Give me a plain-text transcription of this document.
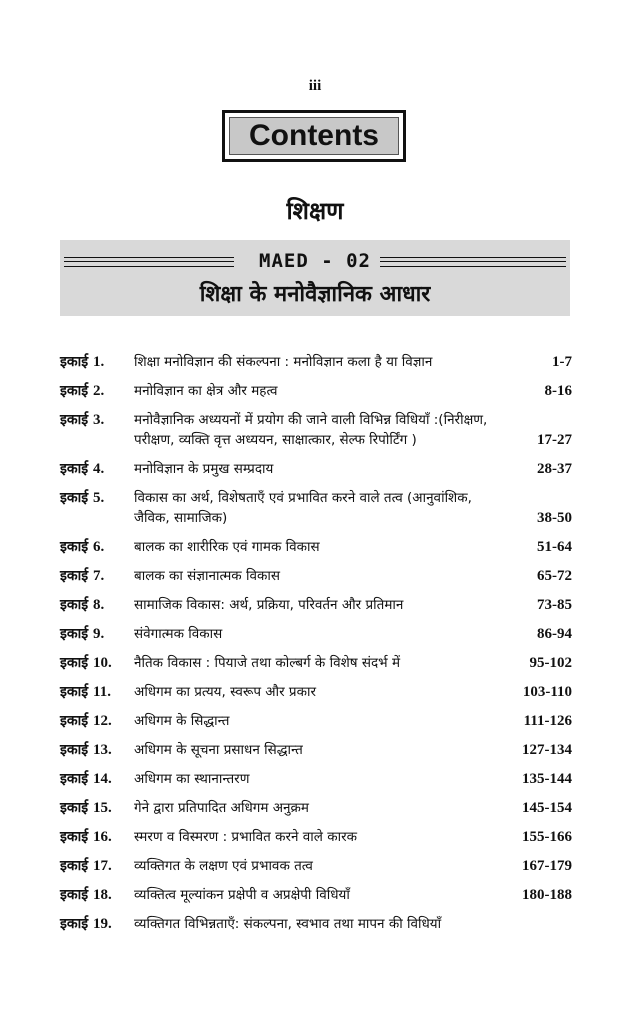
iii
Contents
शिक्षण
MAED - 02
शिक्षा के मनोवैज्ञानिक आधार
इकाई 1.	शिक्षा मनोविज्ञान की संकल्पना : मनोविज्ञान कला है या विज्ञान	1-7
इकाई 2.	मनोविज्ञान का क्षेत्र और महत्व	8-16
इकाई 3.	मनोवैज्ञानिक अध्ययनों में प्रयोग की जाने वाली विभिन्न विधियाँ :(निरीक्षण, परीक्षण, व्यक्ति वृत्त अध्ययन, साक्षात्कार, सेल्फ रिपोर्टिंग )	17-27
इकाई 4.	मनोविज्ञान के प्रमुख सम्प्रदाय	28-37
इकाई 5.	विकास का अर्थ, विशेषताएँ एवं प्रभावित करने वाले तत्व (आनुवांशिक, जैविक, सामाजिक)	38-50
इकाई 6.	बालक का शारीरिक एवं गामक विकास	51-64
इकाई 7.	बालक का संज्ञानात्मक विकास	65-72
इकाई 8.	सामाजिक विकास: अर्थ, प्रक्रिया, परिवर्तन और प्रतिमान	73-85
इकाई 9.	संवेगात्मक विकास	86-94
इकाई 10.	नैतिक विकास : पियाजे तथा कोल्बर्ग के विशेष संदर्भ में	95-102
इकाई 11.	अधिगम का प्रत्यय, स्वरूप और प्रकार	103-110
इकाई 12.	अधिगम के सिद्धान्त	111-126
इकाई 13.	अधिगम के सूचना प्रसाधन सिद्धान्त	127-134
इकाई 14.	अधिगम का स्थानान्तरण	135-144
इकाई 15.	गेने द्वारा प्रतिपादित अधिगम अनुक्रम	145-154
इकाई 16.	स्मरण व विस्मरण : प्रभावित करने वाले कारक	155-166
इकाई 17.	व्यक्तिगत के लक्षण एवं प्रभावक तत्व	167-179
इकाई 18.	व्यक्तित्व मूल्यांकन प्रक्षेपी व अप्रक्षेपी विधियाँ	180-188
इकाई 19.	व्यक्तिगत विभिन्नताएँ: संकल्पना, स्वभाव तथा मापन की विधियाँ
